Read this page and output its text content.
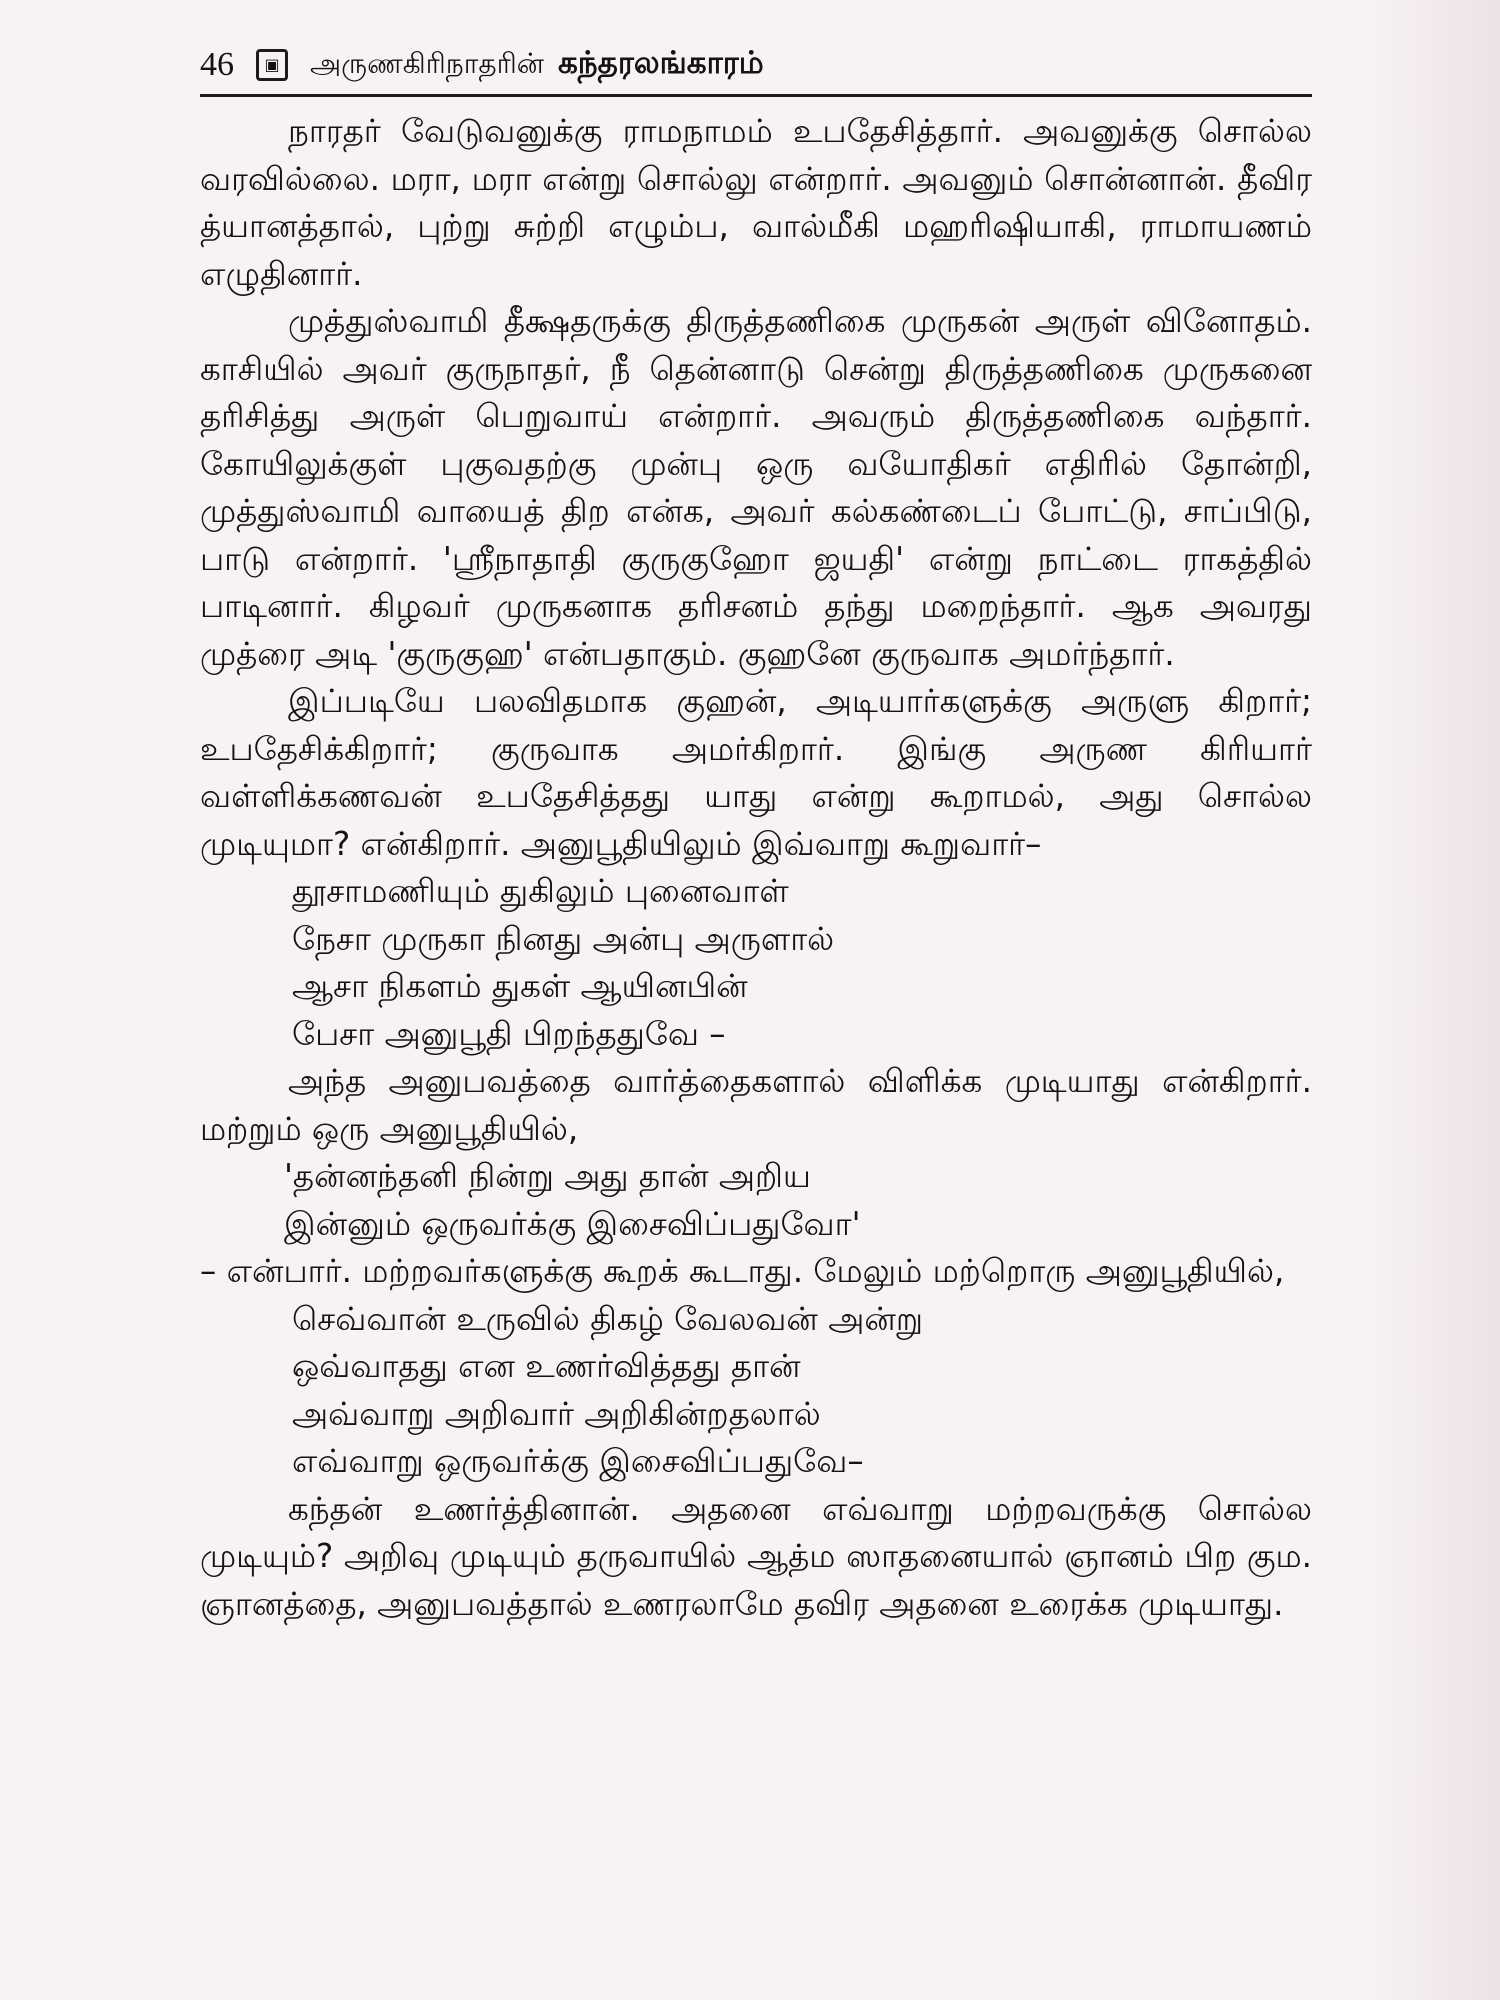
46	▣	அருணகிரிநாதரின் கந்தரலங்காரம்

நாரதர் வேடுவனுக்கு ராமநாமம் உபதேசித்தார். அவனுக்கு சொல்ல வரவில்லை. மரா, மரா என்று சொல்லு என்றார். அவனும் சொன்னான். தீவிர த்யானத்தால், புற்று சுற்றி எழும்ப, வால்மீகி மஹரிஷியாகி, ராமாயணம் எழுதினார்.

முத்துஸ்வாமி தீக்ஷதருக்கு திருத்தணிகை முருகன் அருள் வினோதம். காசியில் அவர் குருநாதர், நீ தென்னாடு சென்று திருத்தணிகை முருகனை தரிசித்து அருள் பெறுவாய் என்றார். அவரும் திருத்தணிகை வந்தார். கோயிலுக்குள் புகுவதற்கு முன்பு ஒரு வயோதிகர் எதிரில் தோன்றி, முத்துஸ்வாமி வாயைத் திற என்க, அவர் கல்கண்டைப் போட்டு, சாப்பிடு, பாடு என்றார். 'ஸ்ரீநாதாதி குருகுஹோ ஜயதி' என்று நாட்டை ராகத்தில் பாடினார். கிழவர் முருகனாக தரிசனம் தந்து மறைந்தார். ஆக அவரது முத்ரை அடி 'குருகுஹ' என்பதாகும். குஹனே குருவாக அமர்ந்தார்.

இப்படியே பலவிதமாக குஹன், அடியார்களுக்கு அருளு கிறார்; உபதேசிக்கிறார்; குருவாக அமர்கிறார். இங்கு அருண கிரியார் வள்ளிக்கணவன் உபதேசித்தது யாது என்று கூறாமல், அது சொல்ல முடியுமா? என்கிறார். அனுபூதியிலும் இவ்வாறு கூறுவார்–

தூசாமணியும் துகிலும் புனைவாள்
நேசா முருகா நினது அன்பு அருளால்
ஆசா நிகளம் துகள் ஆயினபின்
பேசா அனுபூதி பிறந்ததுவே –

அந்த அனுபவத்தை வார்த்தைகளால் விளிக்க முடியாது என்கிறார். மற்றும் ஒரு அனுபூதியில்,

'தன்னந்தனி நின்று அது தான் அறிய
இன்னும் ஒருவர்க்கு இசைவிப்பதுவோ'

– என்பார். மற்றவர்களுக்கு கூறக் கூடாது. மேலும் மற்றொரு அனுபூதியில்,

செவ்வான் உருவில் திகழ் வேலவன் அன்று
ஒவ்வாதது என உணர்வித்தது தான்
அவ்வாறு அறிவார் அறிகின்றதலால்
எவ்வாறு ஒருவர்க்கு இசைவிப்பதுவே–

கந்தன் உணர்த்தினான். அதனை எவ்வாறு மற்றவருக்கு சொல்ல முடியும்? அறிவு முடியும் தருவாயில் ஆத்ம ஸாதனையால் ஞானம் பிற கும. ஞானத்தை, அனுபவத்தால் உணரலாமே தவிர அதனை உரைக்க முடியாது.
